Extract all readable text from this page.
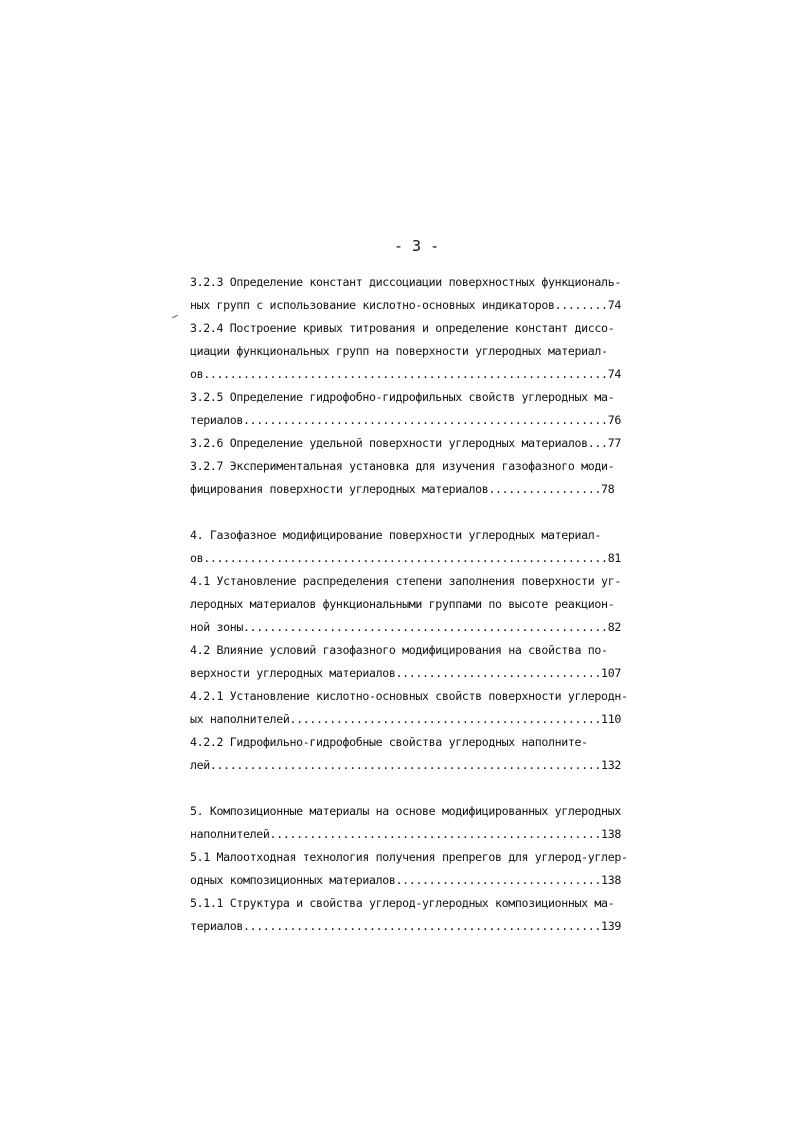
- 3 -
3.2.3 Определение констант диссоциации поверхностных функциональ-
ных групп с использование кислотно-основных индикаторов........74
3.2.4 Построение кривых титрования и определение констант диссо-
циации функциональных групп на поверхности углеродных материал-
ов.............................................................74
3.2.5 Определение гидрофобно-гидрофильных свойств углеродных ма-
териалов.......................................................76
3.2.6 Определение удельной поверхности углеродных материалов...77
3.2.7 Экспериментальная установка для изучения газофазного моди-
фицирования поверхности углеродных материалов.................78
4. Газофазное модифицирование поверхности углеродных материал-
ов.............................................................81
4.1 Установление распределения степени заполнения поверхности уг-
леродных материалов функциональными группами по высоте реакцион-
ной зоны.......................................................82
4.2 Влияние условий газофазного модифицирования на свойства по-
верхности углеродных материалов...............................107
4.2.1 Установление кислотно-основных свойств поверхности углеродн-
ых наполнителей...............................................110
4.2.2 Гидрофильно-гидрофобные свойства углеродных наполните-
лей...........................................................132
5. Композиционные материалы на основе модифицированных углеродных
наполнителей..................................................138
5.1 Малоотходная технология получения препрегов для углерод-углер-
одных композиционных материалов...............................138
5.1.1 Структура и свойства углерод-углеродных композиционных ма-
териалов......................................................139
